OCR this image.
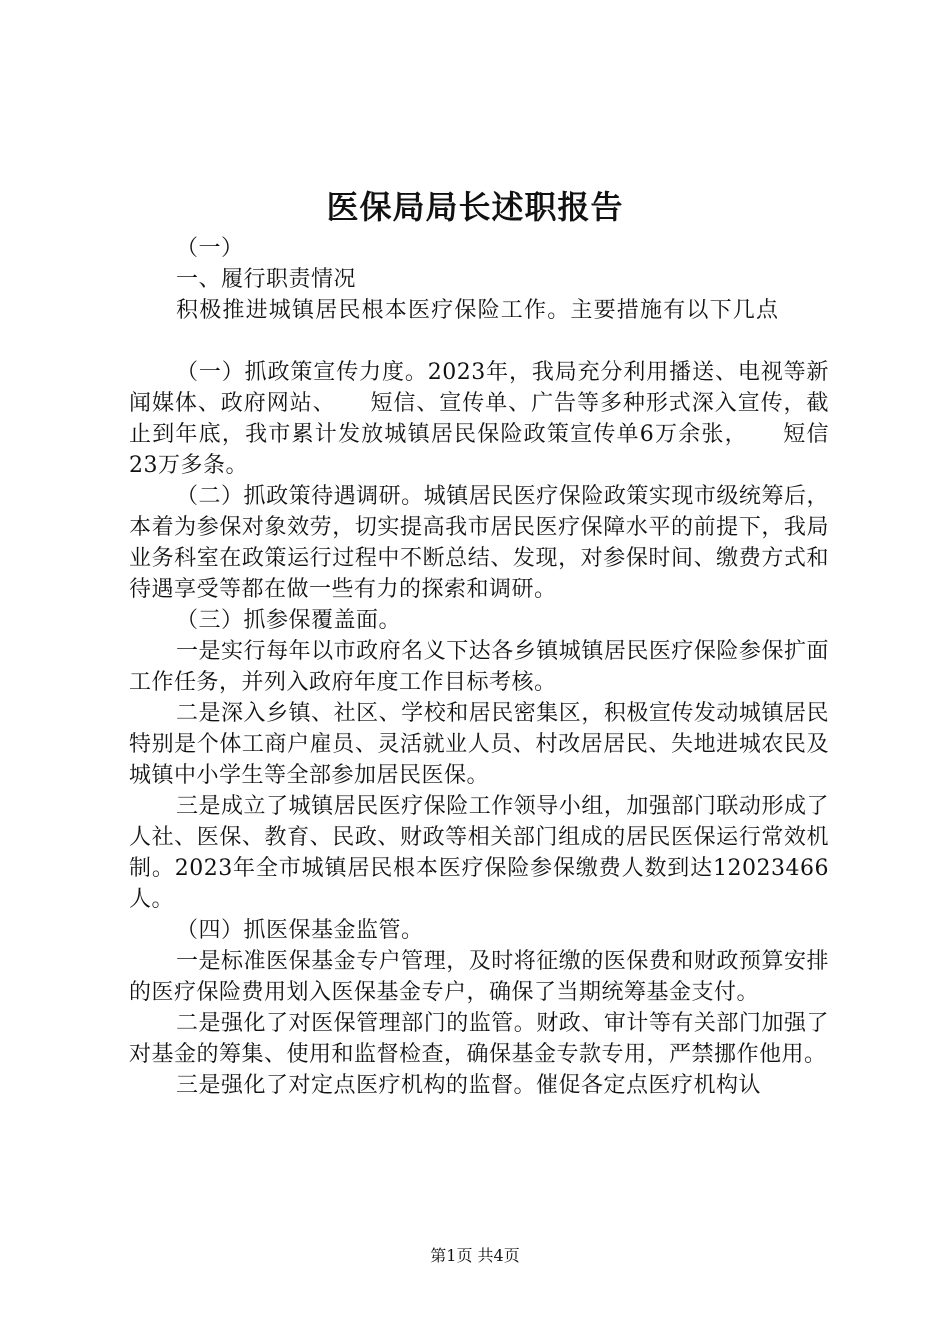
医保局局长述职报告

（一）

一、履行职责情况

积极推进城镇居民根本医疗保险工作。主要措施有以下几点

（一）抓政策宣传力度。2023年，我局充分利用播送、电视等新闻媒体、政府网站、　　短信、宣传单、广告等多种形式深入宣传，截止到年底，我市累计发放城镇居民保险政策宣传单6万余张，　　短信23万多条。

（二）抓政策待遇调研。城镇居民医疗保险政策实现市级统筹后，本着为参保对象效劳，切实提高我市居民医疗保障水平的前提下，我局业务科室在政策运行过程中不断总结、发现，对参保时间、缴费方式和待遇享受等都在做一些有力的探索和调研。

（三）抓参保覆盖面。

一是实行每年以市政府名义下达各乡镇城镇居民医疗保险参保扩面工作任务，并列入政府年度工作目标考核。

二是深入乡镇、社区、学校和居民密集区，积极宣传发动城镇居民特别是个体工商户雇员、灵活就业人员、村改居居民、失地进城农民及城镇中小学生等全部参加居民医保。

三是成立了城镇居民医疗保险工作领导小组，加强部门联动形成了人社、医保、教育、民政、财政等相关部门组成的居民医保运行常效机制。2023年全市城镇居民根本医疗保险参保缴费人数到达12023466人。

（四）抓医保基金监管。

一是标准医保基金专户管理，及时将征缴的医保费和财政预算安排的医疗保险费用划入医保基金专户，确保了当期统筹基金支付。

二是强化了对医保管理部门的监管。财政、审计等有关部门加强了对基金的筹集、使用和监督检查，确保基金专款专用，严禁挪作他用。

三是强化了对定点医疗机构的监督。催促各定点医疗机构认

第1页 共4页
